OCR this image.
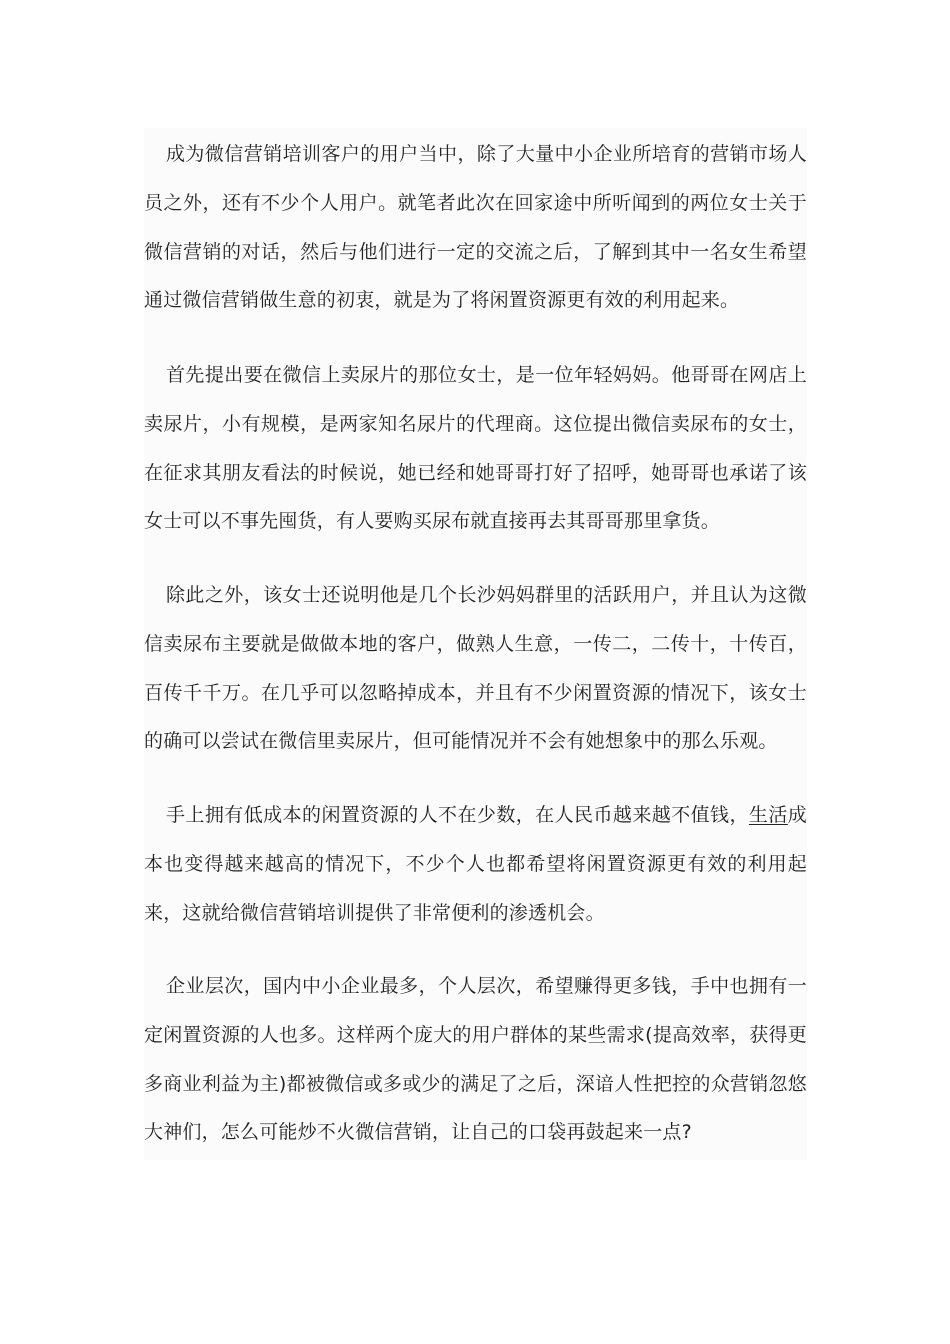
成为微信营销培训客户的用户当中，除了大量中小企业所培育的营销市场人员之外，还有不少个人用户。就笔者此次在回家途中所听闻到的两位女士关于微信营销的对话，然后与他们进行一定的交流之后，了解到其中一名女生希望通过微信营销做生意的初衷，就是为了将闲置资源更有效的利用起来。

首先提出要在微信上卖尿片的那位女士，是一位年轻妈妈。他哥哥在网店上卖尿片，小有规模，是两家知名尿片的代理商。这位提出微信卖尿布的女士，在征求其朋友看法的时候说，她已经和她哥哥打好了招呼，她哥哥也承诺了该女士可以不事先囤货，有人要购买尿布就直接再去其哥哥那里拿货。

除此之外，该女士还说明他是几个长沙妈妈群里的活跃用户，并且认为这微信卖尿布主要就是做做本地的客户，做熟人生意，一传二，二传十，十传百，百传千千万。在几乎可以忽略掉成本，并且有不少闲置资源的情况下，该女士的确可以尝试在微信里卖尿片，但可能情况并不会有她想象中的那么乐观。

手上拥有低成本的闲置资源的人不在少数，在人民币越来越不值钱，生活成本也变得越来越高的情况下，不少个人也都希望将闲置资源更有效的利用起来，这就给微信营销培训提供了非常便利的渗透机会。

企业层次，国内中小企业最多，个人层次，希望赚得更多钱，手中也拥有一定闲置资源的人也多。这样两个庞大的用户群体的某些需求(提高效率，获得更多商业利益为主)都被微信或多或少的满足了之后，深谙人性把控的众营销忽悠大神们，怎么可能炒不火微信营销，让自己的口袋再鼓起来一点?
